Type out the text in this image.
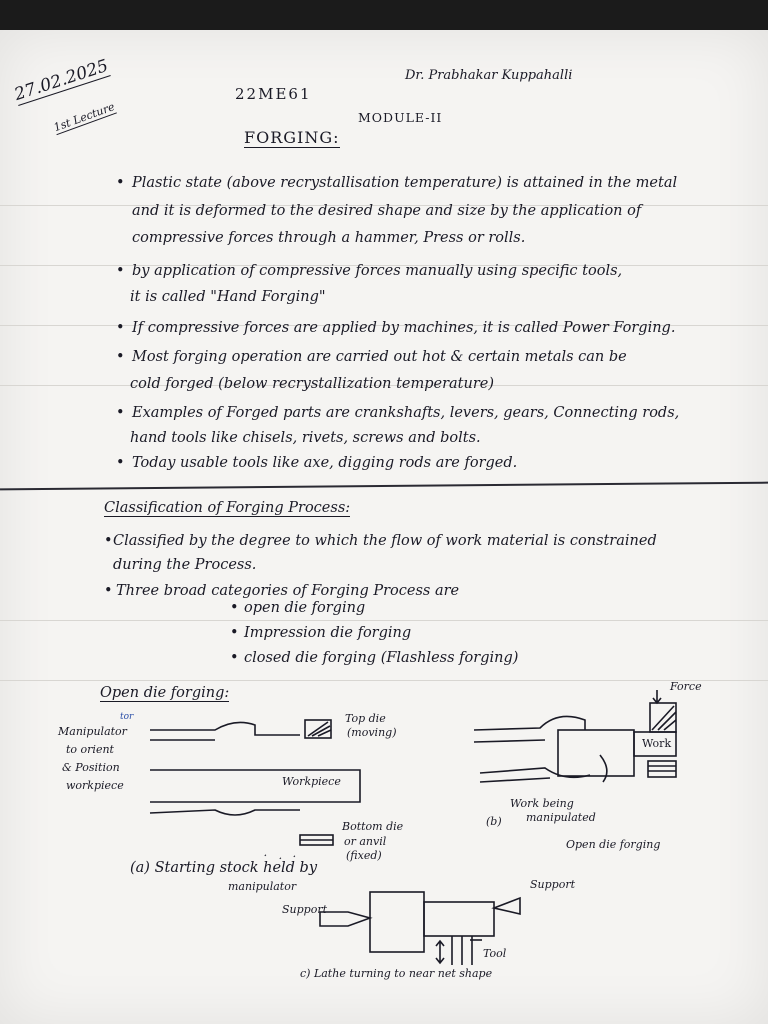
27.02.2025
1st Lecture
Dr. Prabhakar Kuppahalli
22ME61
MODULE-II
FORGING:
• Plastic state (above recrystallisation temperature) is attained in the metal
and it is deformed to the desired shape and size by the application of
compressive forces through a hammer, Press or rolls.
• by application of compressive forces manually using specific tools,
it is called "Hand Forging"
• If compressive forces are applied by machines, it is called Power Forging.
• Most forging operation are carried out hot & certain metals can be
cold forged (below recrystallization temperature)
• Examples of Forged parts are crankshafts, levers, gears, Connecting rods,
hand tools like chisels, rivets, screws and bolts.
• Today usable tools like axe, digging rods are forged.
Classification of Forging Process:
• Classified by the degree to which the flow of work material is constrained
during the Process.
• Three broad categories of Forging Process are
• open die forging
• Impression die forging
• closed die forging (Flashless forging)
Open die forging:
tor
Manipulator
to orient
& Position
workpiece
Top die
(moving)
Workpiece
Bottom die
or anvil
(fixed)
(a) Starting stock held by
manipulator
Force
Work
Work being
manipulated
(b)
Open die forging
Support
Support
Tool
c) Lathe turning to near net shape
